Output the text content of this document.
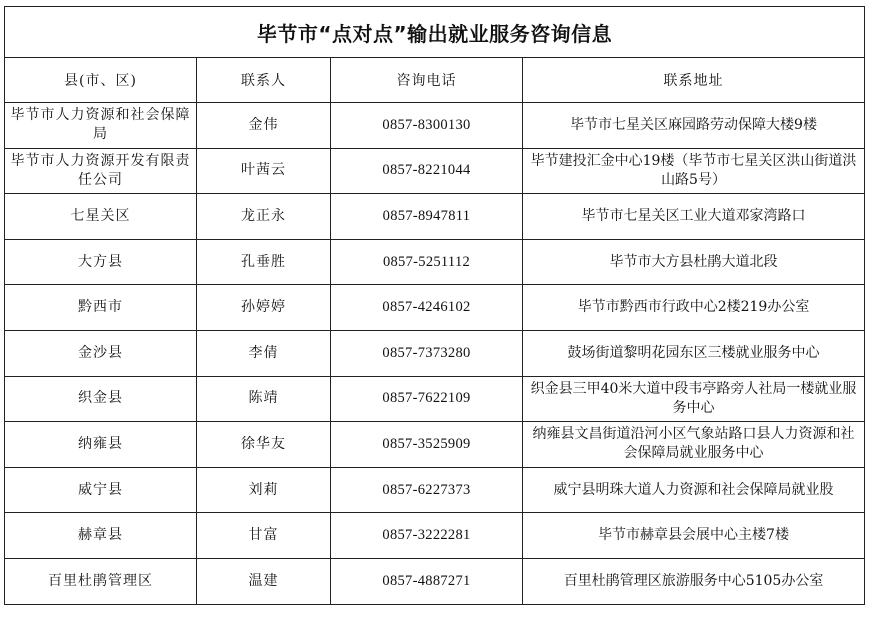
毕节市“点对点”输出就业服务咨询信息			
县(市、区)	联系人	咨询电话	联系地址
毕节市人力资源和社会保障局	金伟	0857-8300130	毕节市七星关区麻园路劳动保障大楼9楼
毕节市人力资源开发有限责任公司	叶茜云	0857-8221044	毕节建投汇金中心19楼（毕节市七星关区洪山街道洪山路5号）
七星关区	龙正永	0857-8947811	毕节市七星关区工业大道邓家湾路口
大方县	孔垂胜	0857-5251112	毕节市大方县杜鹃大道北段
黔西市	孙婷婷	0857-4246102	毕节市黔西市行政中心2楼219办公室
金沙县	李倩	0857-7373280	鼓场街道黎明花园东区三楼就业服务中心
织金县	陈靖	0857-7622109	织金县三甲40米大道中段韦亭路旁人社局一楼就业服务中心
纳雍县	徐华友	0857-3525909	纳雍县文昌街道沿河小区气象站路口县人力资源和社会保障局就业服务中心
威宁县	刘莉	0857-6227373	威宁县明珠大道人力资源和社会保障局就业股
赫章县	甘富	0857-3222281	毕节市赫章县会展中心主楼7楼
百里杜鹃管理区	温建	0857-4887271	百里杜鹃管理区旅游服务中心5105办公室
